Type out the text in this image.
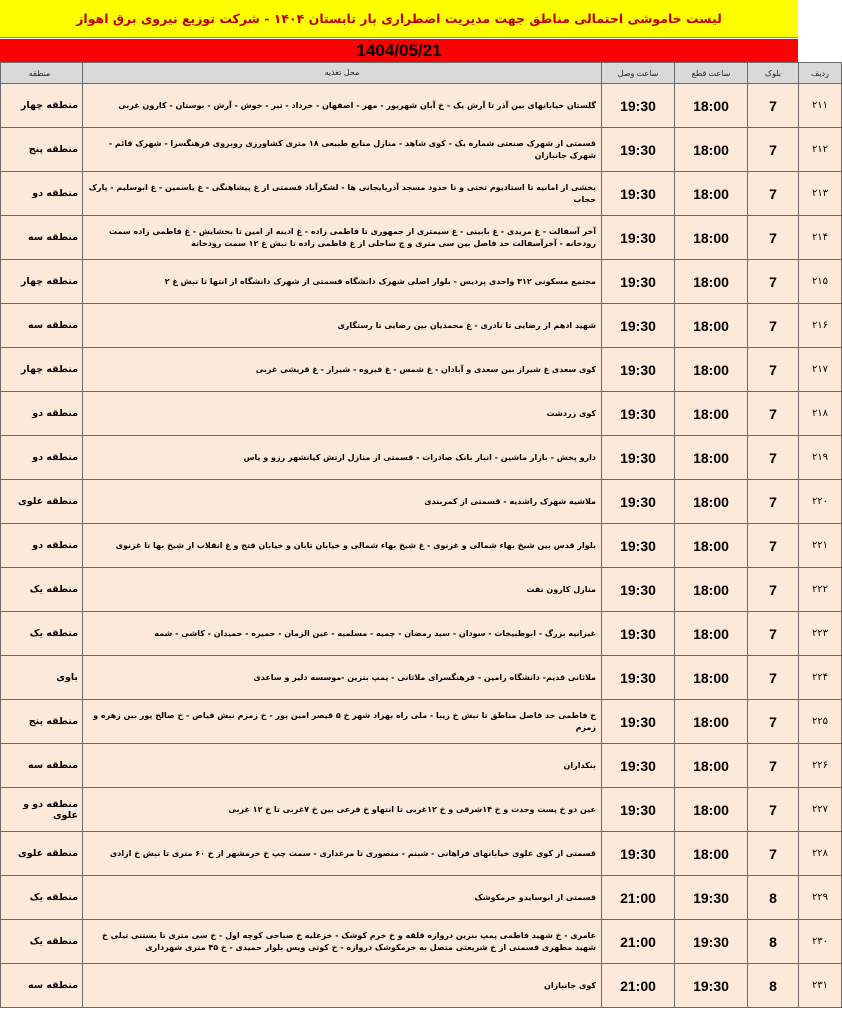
لیست خاموشی احتمالی مناطق جهت مدیریت اضطراری بار تابستان ۱۴۰۴ - شرکت توزیع نیروی برق اهواز
1404/05/21
ردیف	بلوک	ساعت قطع	ساعت وصل	محل تغذیه	منطقه
۲۱۱	7	18:00	19:30	گلستان خیابانهای بین آذر تا آرش یک - خ آبان شهریور - مهر - اصفهان - خرداد - تیر - خوش - آرش - بوستان - کارون غربی	منطقه چهار
۲۱۲	7	18:00	19:30	قسمتی از شهرک صنعتی شماره یک - کوی شاهد - منازل منابع طبیعی ۱۸ متری کشاورزی روبروی فرهنگسرا - شهرک قائم - شهرک جانبازان	منطقه پنج
۲۱۳	7	18:00	19:30	بخشی از امانیه تا استادیوم تختی و تا حدود مسجد آذربایجانی ها - لشکرآباد قسمتی از غ پیشاهنگی - غ یاسمین - غ ابوسلیم - پارک حجاب	منطقه دو
۲۱۴	7	18:00	19:30	آخر آسفالت - غ مریدی - غ بابینی - غ سیمتری از جمهوری تا فاطمی زاده - غ ادینه از امین تا بخشایش - غ فاطمی زاده سمت رودخانه - آخرآسفالت حد فاصل بین سی متری و چ ساحلی از غ فاطمی زاده تا نبش غ ۱۲ سمت رودخانه	منطقه سه
۲۱۵	7	18:00	19:30	مجتمع مسکونی ۳۱۲ واحدی پردیس - بلوار اصلی شهرک دانشگاه قسمتی از شهرک دانشگاه از انتها تا نبش غ ۲	منطقه چهار
۲۱۶	7	18:00	19:30	شهید ادهم از رضایی تا نادری - غ محمدیان بین رضایی تا رستگاری	منطقه سه
۲۱۷	7	18:00	19:30	کوی سعدی غ شیراز بین سعدی و آبادان - غ شمس - غ فیروه - شیراز - غ قریشی غربی	منطقه چهار
۲۱۸	7	18:00	19:30	کوی زردشت	منطقه دو
۲۱۹	7	18:00	19:30	دارو پخش - بازار ماشین - انبار بانک صادرات - قسمتی از منازل ارتش کیانشهر رزو و یاس	منطقه دو
۲۲۰	7	18:00	19:30	ملاشیه شهرک راشدیه - قسمتی از کمربندی	منطقه علوی
۲۲۱	7	18:00	19:30	بلوار قدس بین شیخ بهاء شمالی و غزنوی - غ شیخ بهاء شمالی و خیابان تابان و خیابان فتح و غ انقلاب از شیخ بها تا غزنوی	منطقه دو
۲۲۲	7	18:00	19:30	منازل کارون نفت	منطقه یک
۲۲۳	7	18:00	19:30	غیزانیه بزرگ - ابوطبیخات - سودان - سید رمضان - چمیه - مسلمیه - عین الزمان - حمیره - حمیدان - کاشی - شمه	منطقه یک
۲۲۴	7	18:00	19:30	ملاثانی قدیم- دانشگاه رامین - فرهنگسرای ملاثانی - پمپ بنزین -موسسه دلیر و ساعدی	باوی
۲۲۵	7	18:00	19:30	خ فاطمی حد فاصل مناطق تا نبش خ زیبا - ملی راه بهزاد شهر خ ۵ قیصر امین پور - خ زمزم نبش فیاض - خ صالح پور بین زهره و زمزم	منطقه پنج
۲۲۶	7	18:00	19:30	بنکداران	منطقه سه
۲۲۷	7	18:00	19:30	عین دو خ پست وحدت و خ ۱۴شرقی و خ ۱۲غربی تا انتهاو خ فرعی بین خ ۷غربی تا خ ۱۲ غربی	منطقه دو و علوی
۲۲۸	7	18:00	19:30	قسمتی از کوی علوی خیابانهای فراهانی - شبنم - منصوری تا مرغداری - سمت چپ خ خرمشهر از خ ۶۰ متری تا نبش خ ازادی	منطقه علوی
۲۲۹	8	19:30	21:00	قسمتی از ابوسایدو خرمکوشک	منطقه یک
۲۳۰	8	19:30	21:00	عامری - خ شهید فاطمی پمپ بنزین دروازه قلقه و خ خرم کوشک - خزعلیه خ صباحی کوچه اول - خ سی متری تا بستنی تیلی خ شهید مطهری قسمتی از خ شریعتی متصل به خرمکوشک دروازه - خ کوتی ویس بلوار حمیدی - خ ۴۵ متری شهرداری	منطقه یک
۲۳۱	8	19:30	21:00	کوی جانبازان	منطقه سه
